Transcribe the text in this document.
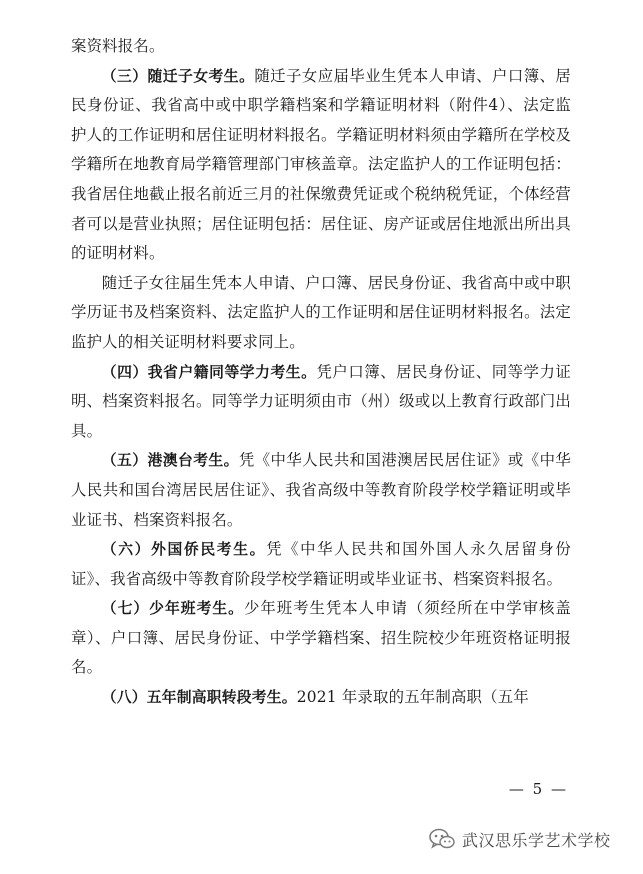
案资料报名。

（三）随迁子女考生。随迁子女应届毕业生凭本人申请、户口簿、居民身份证、我省高中或中职学籍档案和学籍证明材料（附件4）、法定监护人的工作证明和居住证明材料报名。学籍证明材料须由学籍所在学校及学籍所在地教育局学籍管理部门审核盖章。法定监护人的工作证明包括：我省居住地截止报名前近三月的社保缴费凭证或个税纳税凭证，个体经营者可以是营业执照；居住证明包括：居住证、房产证或居住地派出所出具的证明材料。

随迁子女往届生凭本人申请、户口簿、居民身份证、我省高中或中职学历证书及档案资料、法定监护人的工作证明和居住证明材料报名。法定监护人的相关证明材料要求同上。

（四）我省户籍同等学力考生。凭户口簿、居民身份证、同等学力证明、档案资料报名。同等学力证明须由市（州）级或以上教育行政部门出具。

（五）港澳台考生。凭《中华人民共和国港澳居民居住证》或《中华人民共和国台湾居民居住证》、我省高级中等教育阶段学校学籍证明或毕业证书、档案资料报名。

（六）外国侨民考生。凭《中华人民共和国外国人永久居留身份证》、我省高级中等教育阶段学校学籍证明或毕业证书、档案资料报名。

（七）少年班考生。少年班考生凭本人申请（须经所在中学审核盖章）、户口簿、居民身份证、中学学籍档案、招生院校少年班资格证明报名。

（八）五年制高职转段考生。2021 年录取的五年制高职（五年

— 5 —
武汉思乐学艺术学校
